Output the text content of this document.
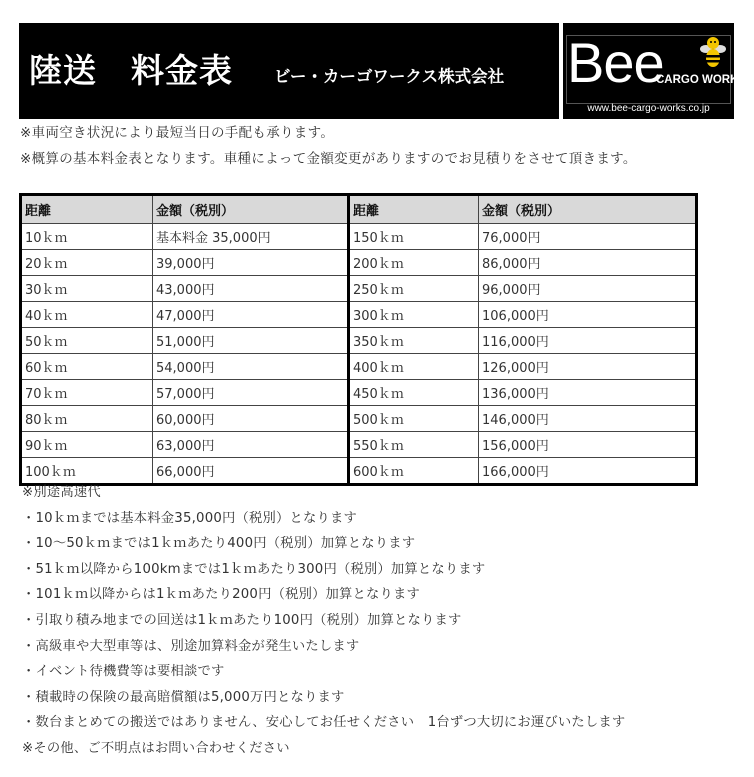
陸送　料金表 ビー・カーゴワークス株式会社 Bee
CARGO WORKS
www.bee-cargo-works.co.jp
※車両空き状況により最短当日の手配も承ります。
※概算の基本料金表となります。車種によって金額変更がありますのでお見積りをさせて頂きます。
距離	金額（税別）	距離	金額（税別）
10ｋｍ	基本料金 35,000円	150ｋｍ	76,000円
20ｋｍ	39,000円	200ｋｍ	86,000円
30ｋｍ	43,000円	250ｋｍ	96,000円
40ｋｍ	47,000円	300ｋｍ	106,000円
50ｋｍ	51,000円	350ｋｍ	116,000円
60ｋｍ	54,000円	400ｋｍ	126,000円
70ｋｍ	57,000円	450ｋｍ	136,000円
80ｋｍ	60,000円	500ｋｍ	146,000円
90ｋｍ	63,000円	550ｋｍ	156,000円
100ｋｍ	66,000円	600ｋｍ	166,000円
※別途高速代
・10ｋｍまでは基本料金35,000円（税別）となります
・10～50ｋｍまでは1ｋｍあたり400円（税別）加算となります
・51ｋｍ以降から100kmまでは1ｋｍあたり300円（税別）加算となります
・101ｋｍ以降からは1ｋｍあたり200円（税別）加算となります
・引取り積み地までの回送は1ｋｍあたり100円（税別）加算となります
・高級車や大型車等は、別途加算料金が発生いたします
・イベント待機費等は要相談です
・積載時の保険の最高賠償額は5,000万円となります
・数台まとめての搬送ではありません、安心してお任せください　1台ずつ大切にお運びいたします
※その他、ご不明点はお問い合わせください
